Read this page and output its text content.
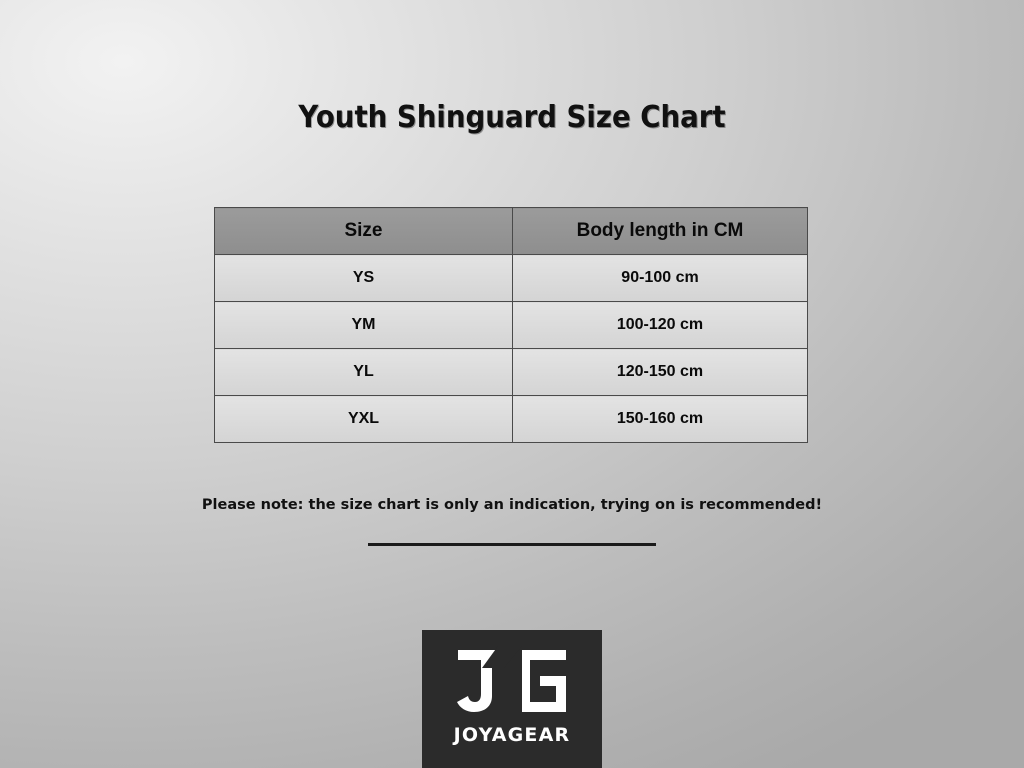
Youth Shinguard Size Chart
Size	Body length in CM
YS	90-100 cm
YM	100-120 cm
YL	120-150 cm
YXL	150-160 cm
Please note: the size chart is only an indication, trying on is recommended!
JOYAGEAR
